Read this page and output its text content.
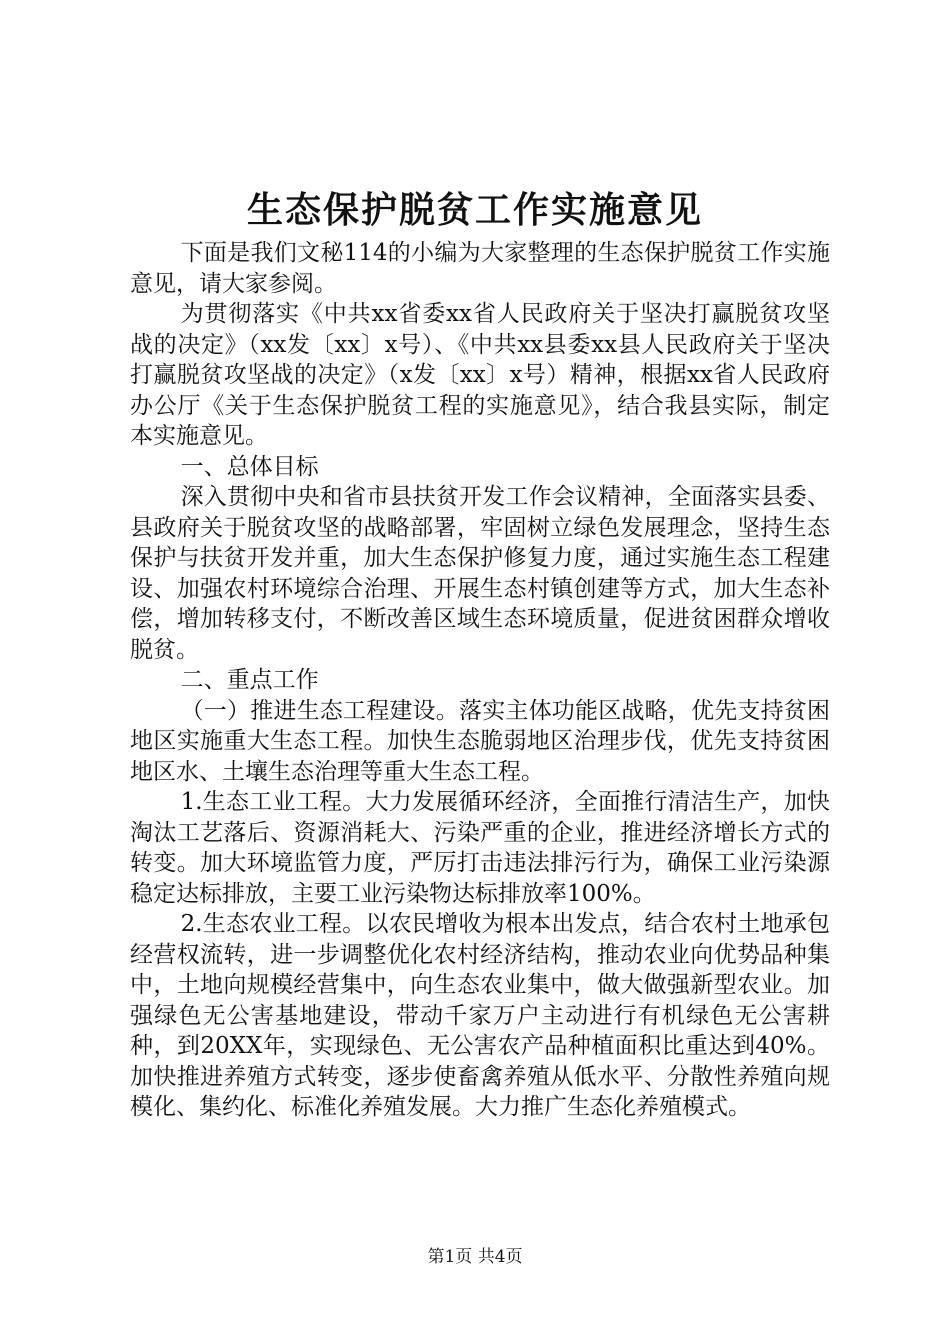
生态保护脱贫工作实施意见

下面是我们文秘114的小编为大家整理的生态保护脱贫工作实施意见，请大家参阅。

为贯彻落实《中共xx省委xx省人民政府关于坚决打赢脱贫攻坚战的决定》（xx发〔xx〕x号）、《中共xx县委xx县人民政府关于坚决打赢脱贫攻坚战的决定》（x发〔xx〕x号）精神，根据xx省人民政府办公厅《关于生态保护脱贫工程的实施意见》，结合我县实际，制定本实施意见。

一、总体目标

深入贯彻中央和省市县扶贫开发工作会议精神，全面落实县委、县政府关于脱贫攻坚的战略部署，牢固树立绿色发展理念，坚持生态保护与扶贫开发并重，加大生态保护修复力度，通过实施生态工程建设、加强农村环境综合治理、开展生态村镇创建等方式，加大生态补偿，增加转移支付，不断改善区域生态环境质量，促进贫困群众增收脱贫。

二、重点工作

（一）推进生态工程建设。落实主体功能区战略，优先支持贫困地区实施重大生态工程。加快生态脆弱地区治理步伐，优先支持贫困地区水、土壤生态治理等重大生态工程。

1.生态工业工程。大力发展循环经济，全面推行清洁生产，加快淘汰工艺落后、资源消耗大、污染严重的企业，推进经济增长方式的转变。加大环境监管力度，严厉打击违法排污行为，确保工业污染源稳定达标排放，主要工业污染物达标排放率100%。

2.生态农业工程。以农民增收为根本出发点，结合农村土地承包经营权流转，进一步调整优化农村经济结构，推动农业向优势品种集中，土地向规模经营集中，向生态农业集中，做大做强新型农业。加强绿色无公害基地建设，带动千家万户主动进行有机绿色无公害耕种，到20XX年，实现绿色、无公害农产品种植面积比重达到40%。加快推进养殖方式转变，逐步使畜禽养殖从低水平、分散性养殖向规模化、集约化、标准化养殖发展。大力推广生态化养殖模式。

第1页 共4页
